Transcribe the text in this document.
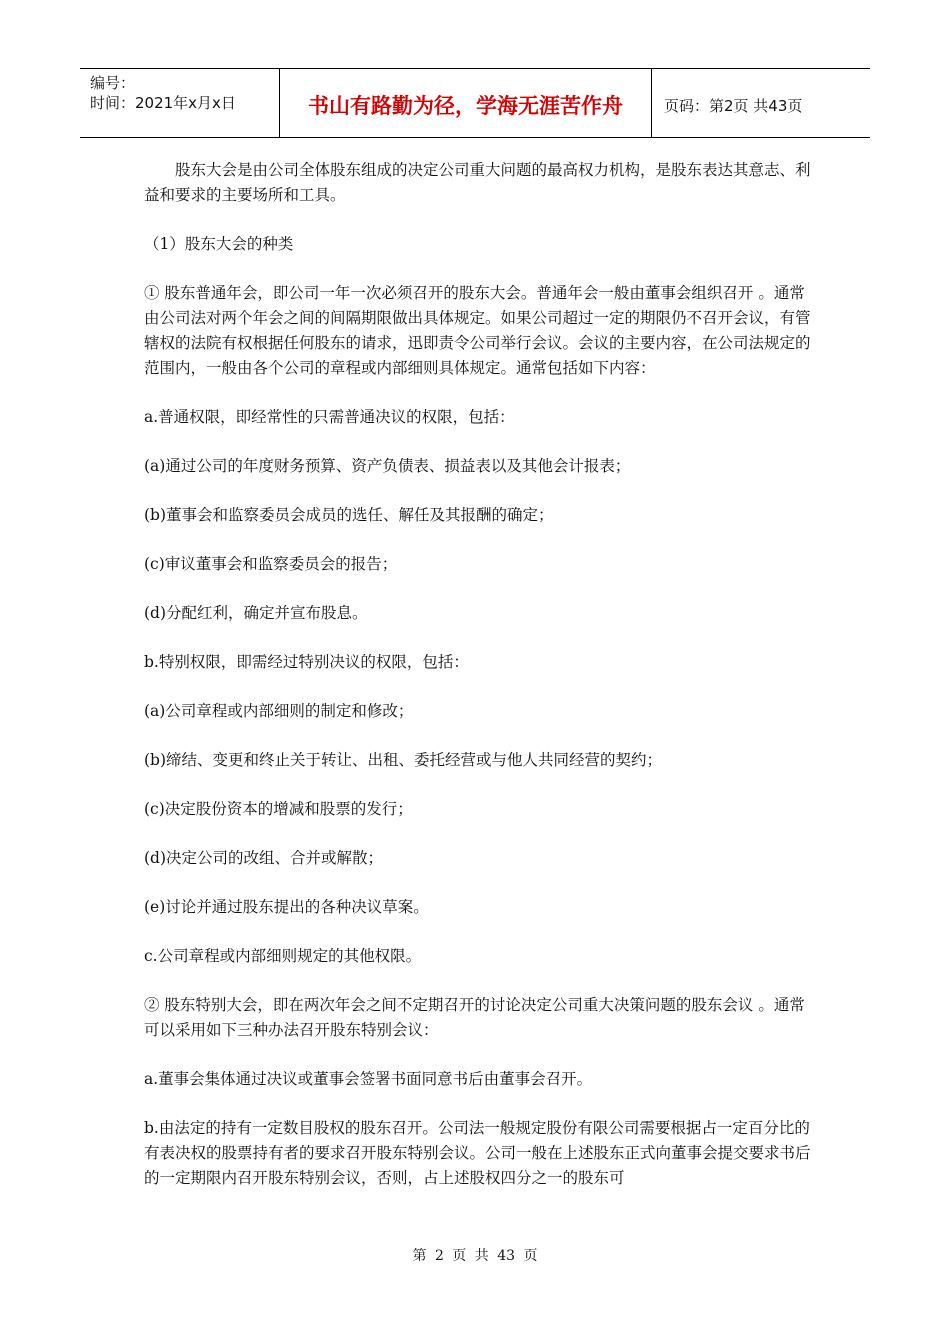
编号：
时间：2021年x月x日	书山有路勤为径，学海无涯苦作舟	页码：第2页 共43页

股东大会是由公司全体股东组成的决定公司重大问题的最高权力机构，是股东表达其意志、利益和要求的主要场所和工具。

（1）股东大会的种类

① 股东普通年会，即公司一年一次必须召开的股东大会。普通年会一般由董事会组织召开 。通常由公司法对两个年会之间的间隔期限做出具体规定。如果公司超过一定的期限仍不召开会议，有管辖权的法院有权根据任何股东的请求，迅即责令公司举行会议。会议的主要内容，在公司法规定的范围内，一般由各个公司的章程或内部细则具体规定。通常包括如下内容：

a.普通权限，即经常性的只需普通决议的权限，包括：

(a)通过公司的年度财务预算、资产负债表、损益表以及其他会计报表；

(b)董事会和监察委员会成员的选任、解任及其报酬的确定；

(c)审议董事会和监察委员会的报告；

(d)分配红利，确定并宣布股息。

b.特别权限，即需经过特别决议的权限，包括：

(a)公司章程或内部细则的制定和修改；

(b)缔结、变更和终止关于转让、出租、委托经营或与他人共同经营的契约；

(c)决定股份资本的增减和股票的发行；

(d)决定公司的改组、合并或解散；

(e)讨论并通过股东提出的各种决议草案。

c.公司章程或内部细则规定的其他权限。

② 股东特别大会，即在两次年会之间不定期召开的讨论决定公司重大决策问题的股东会议 。通常可以采用如下三种办法召开股东特别会议：

a.董事会集体通过决议或董事会签署书面同意书后由董事会召开。

b.由法定的持有一定数目股权的股东召开。公司法一般规定股份有限公司需要根据占一定百分比的有表决权的股票持有者的要求召开股东特别会议。公司一般在上述股东正式向董事会提交要求书后的一定期限内召开股东特别会议，否则，占上述股权四分之一的股东可

第 2 页 共 43 页
